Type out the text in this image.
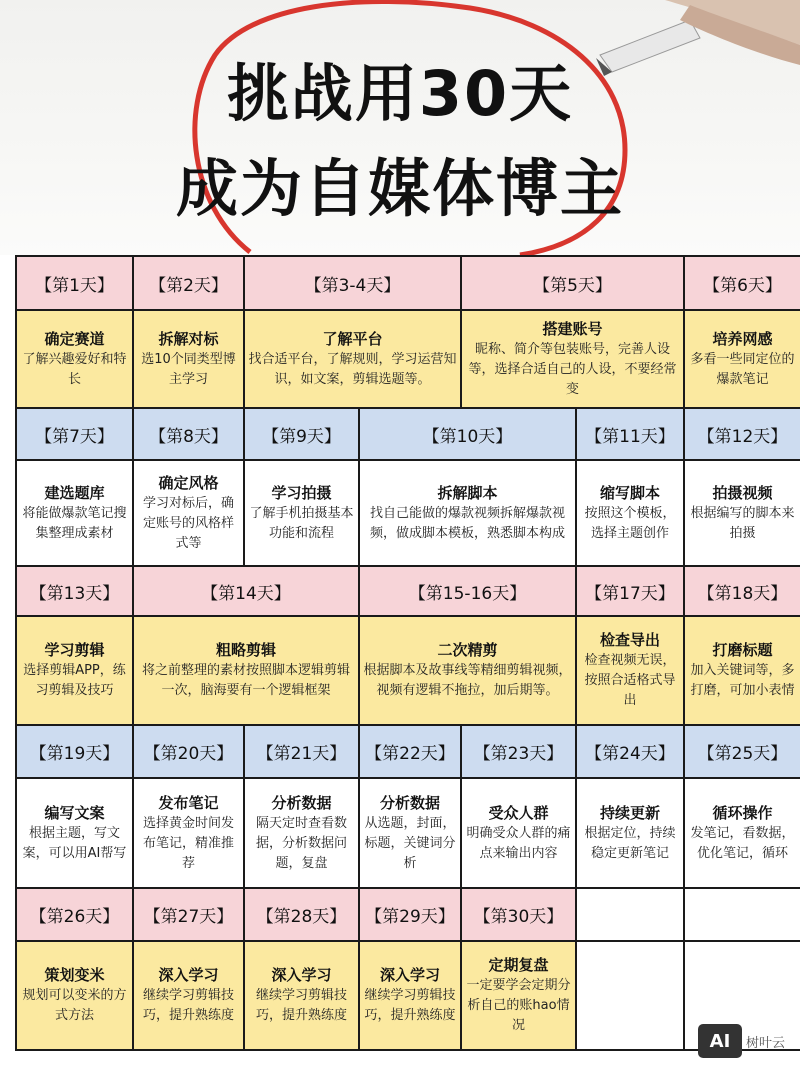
挑战用30天
成为自媒体博主
【第1天】
确定赛道
了解兴趣爱好和特长
【第2天】
拆解对标
选10个同类型博主学习
【第3-4天】
了解平台
找合适平台，了解规则，学习运营知识，如文案，剪辑选题等。
【第5天】
搭建账号
昵称、简介等包装账号，完善人设等，选择合适自己的人设，不要经常变
【第6天】
培养网感
多看一些同定位的爆款笔记
【第7天】
建选题库
将能做爆款笔记搜集整理成素材
【第8天】
确定风格
学习对标后，确定账号的风格样式等
【第9天】
学习拍摄
了解手机拍摄基本功能和流程
【第10天】
拆解脚本
找自己能做的爆款视频拆解爆款视频，做成脚本模板，熟悉脚本构成
【第11天】
缩写脚本
按照这个模板，选择主题创作
【第12天】
拍摄视频
根据编写的脚本来拍摄
【第13天】
学习剪辑
选择剪辑APP，练习剪辑及技巧
【第14天】
粗略剪辑
将之前整理的素材按照脚本逻辑剪辑一次，脑海要有一个逻辑框架
【第15-16天】
二次精剪
根据脚本及故事线等精细剪辑视频，视频有逻辑不拖拉，加后期等。
【第17天】
检查导出
检查视频无误，按照合适格式导出
【第18天】
打磨标题
加入关键词等，多打磨，可加小表情
【第19天】
编写文案
根据主题，写文案，可以用AI帮写
【第20天】
发布笔记
选择黄金时间发布笔记，精准推荐
【第21天】
分析数据
隔天定时查看数据，分析数据问题，复盘
【第22天】
分析数据
从选题，封面，标题，关键词分析
【第23天】
受众人群
明确受众人群的痛点来输出内容
【第24天】
持续更新
根据定位，持续稳定更新笔记
【第25天】
循环操作
发笔记，看数据，优化笔记，循环
【第26天】
策划变米
规划可以变米的方式方法
【第27天】
深入学习
继续学习剪辑技巧，提升熟练度
【第28天】
深入学习
继续学习剪辑技巧，提升熟练度
【第29天】
深入学习
继续学习剪辑技巧，提升熟练度
【第30天】
定期复盘
一定要学会定期分析自己的账hao情况
AI	树叶云
